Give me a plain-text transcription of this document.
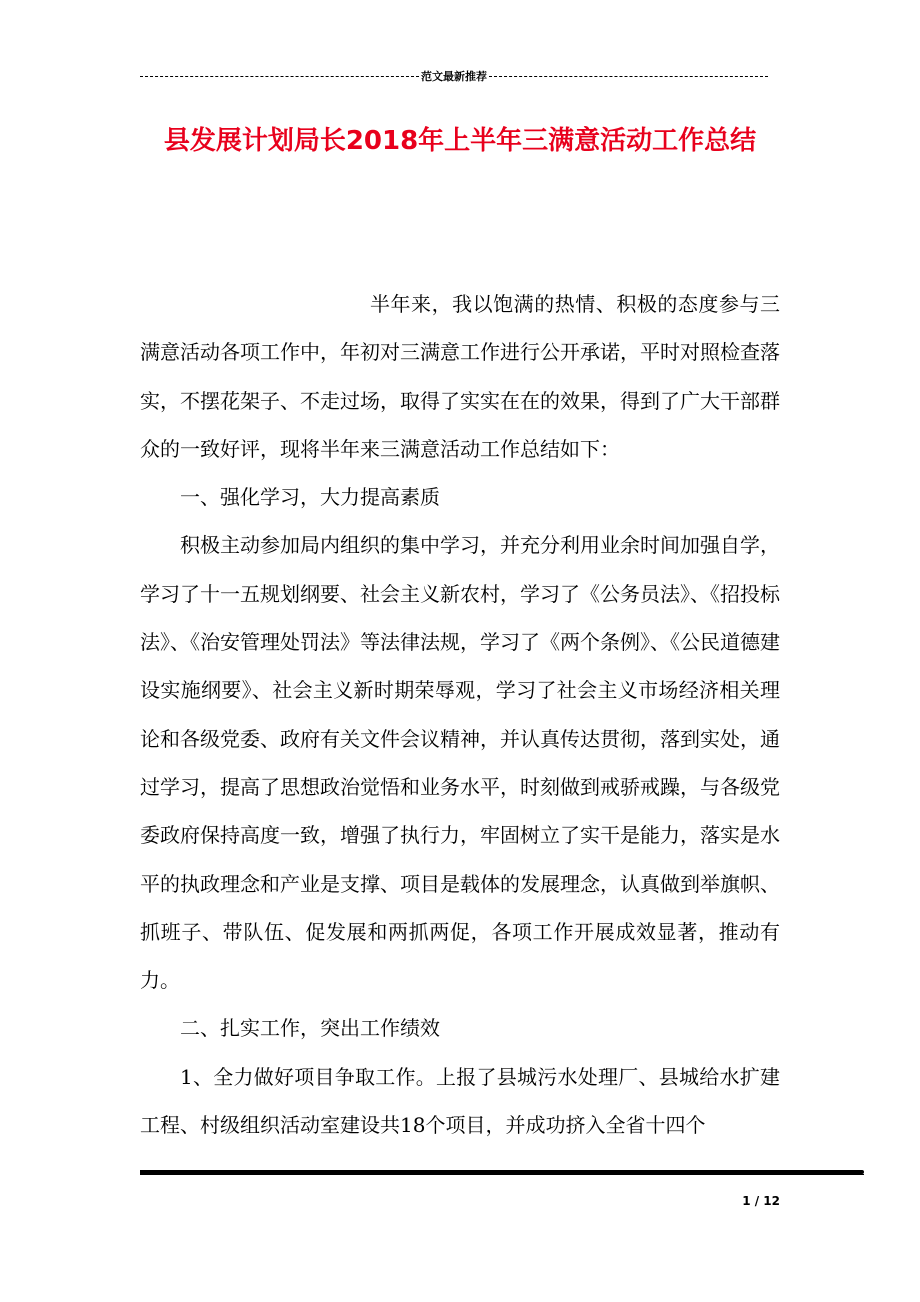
范文最新推荐
县发展计划局长2018年上半年三满意活动工作总结

半年来，我以饱满的热情、积极的态度参与三满意活动各项工作中，年初对三满意工作进行公开承诺，平时对照检查落实，不摆花架子、不走过场，取得了实实在在的效果，得到了广大干部群众的一致好评，现将半年来三满意活动工作总结如下：

一、强化学习，大力提高素质

积极主动参加局内组织的集中学习，并充分利用业余时间加强自学，学习了十一五规划纲要、社会主义新农村，学习了《公务员法》、《招投标法》、《治安管理处罚法》等法律法规，学习了《两个条例》、《公民道德建设实施纲要》、社会主义新时期荣辱观，学习了社会主义市场经济相关理论和各级党委、政府有关文件会议精神，并认真传达贯彻，落到实处，通过学习，提高了思想政治觉悟和业务水平，时刻做到戒骄戒躁，与各级党委政府保持高度一致，增强了执行力，牢固树立了实干是能力，落实是水平的执政理念和产业是支撑、项目是载体的发展理念，认真做到举旗帜、抓班子、带队伍、促发展和两抓两促，各项工作开展成效显著，推动有力。

二、扎实工作，突出工作绩效

1、全力做好项目争取工作。上报了县城污水处理厂、县城给水扩建工程、村级组织活动室建设共18个项目，并成功挤入全省十四个

1 / 12
